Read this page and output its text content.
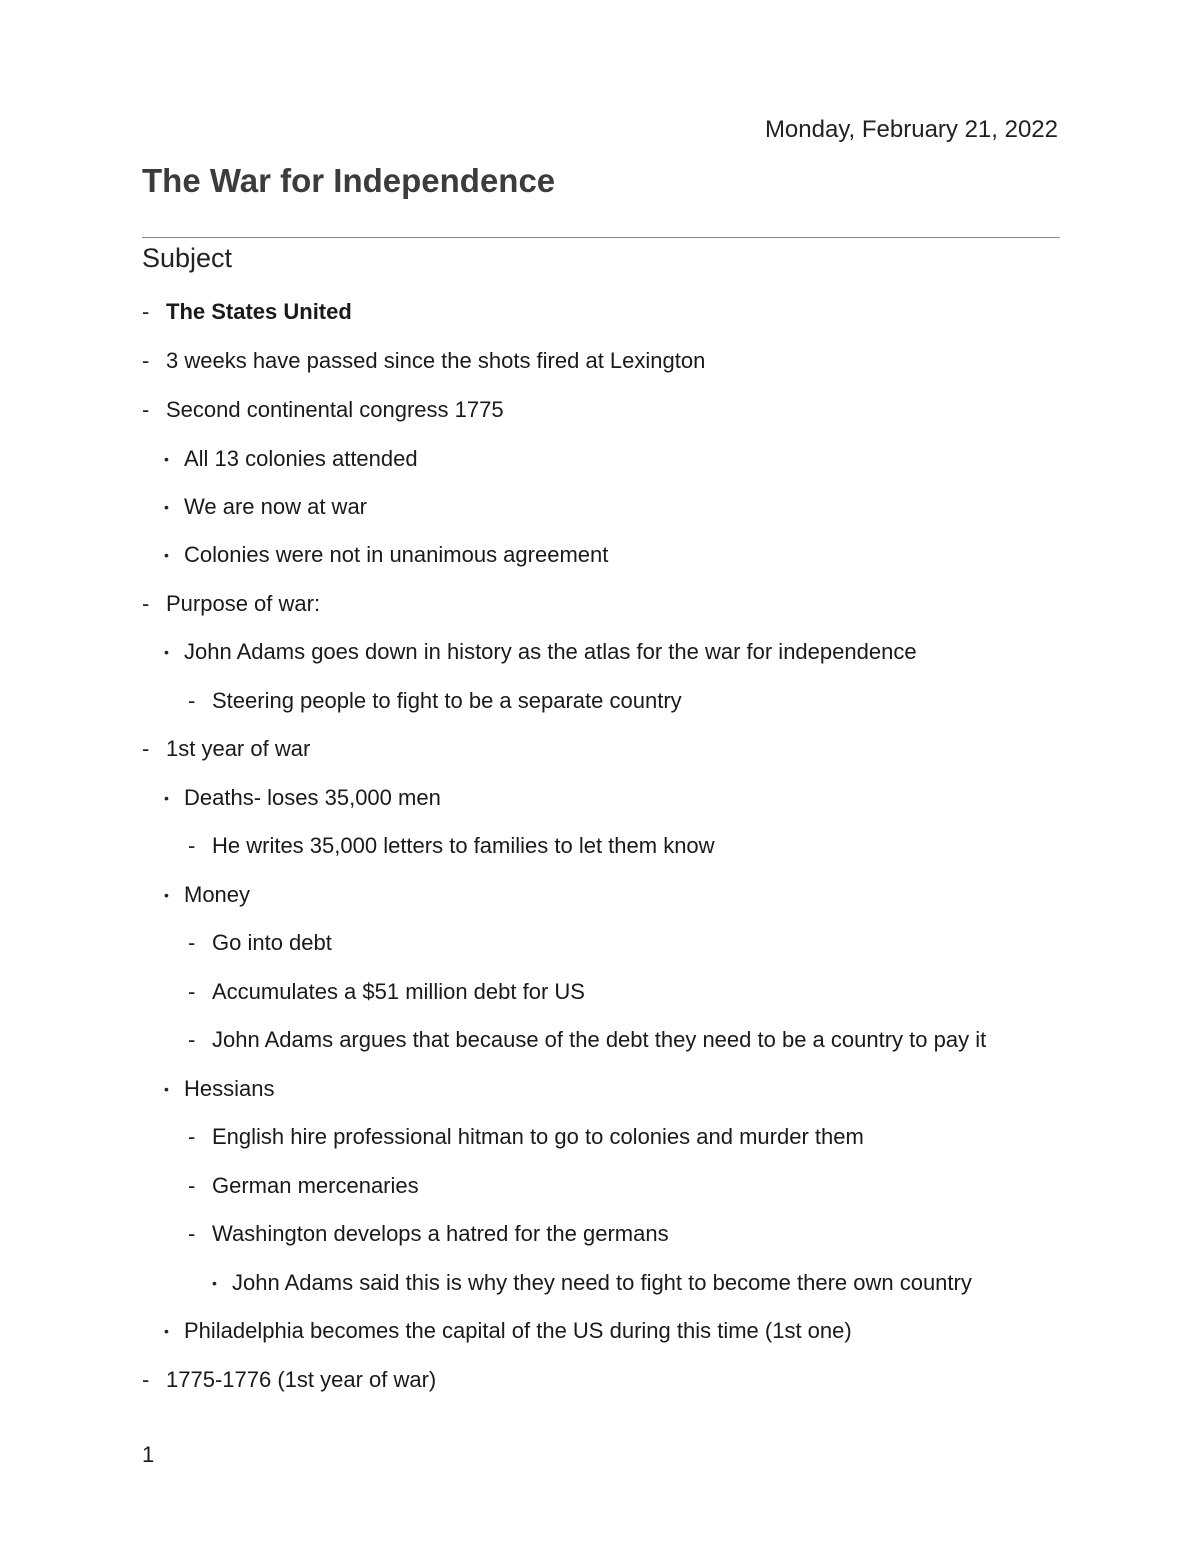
Monday, February 21, 2022
The War for Independence
Subject
- The States United
- 3 weeks have passed since the shots fired at Lexington
- Second continental congress 1775
• All 13 colonies attended
• We are now at war
• Colonies were not in unanimous agreement
- Purpose of war:
• John Adams goes down in history as the atlas for the war for independence
- Steering people to fight to be a separate country
- 1st year of war
• Deaths- loses 35,000 men
- He writes 35,000 letters to families to let them know
• Money
- Go into debt
- Accumulates a $51 million debt for US
- John Adams argues that because of the debt they need to be a country to pay it
• Hessians
- English hire professional hitman to go to colonies and murder them
- German mercenaries
- Washington develops a hatred for the germans
• John Adams said this is why they need to fight to become there own country
• Philadelphia becomes the capital of the US during this time (1st one)
- 1775-1776 (1st year of war)
1
